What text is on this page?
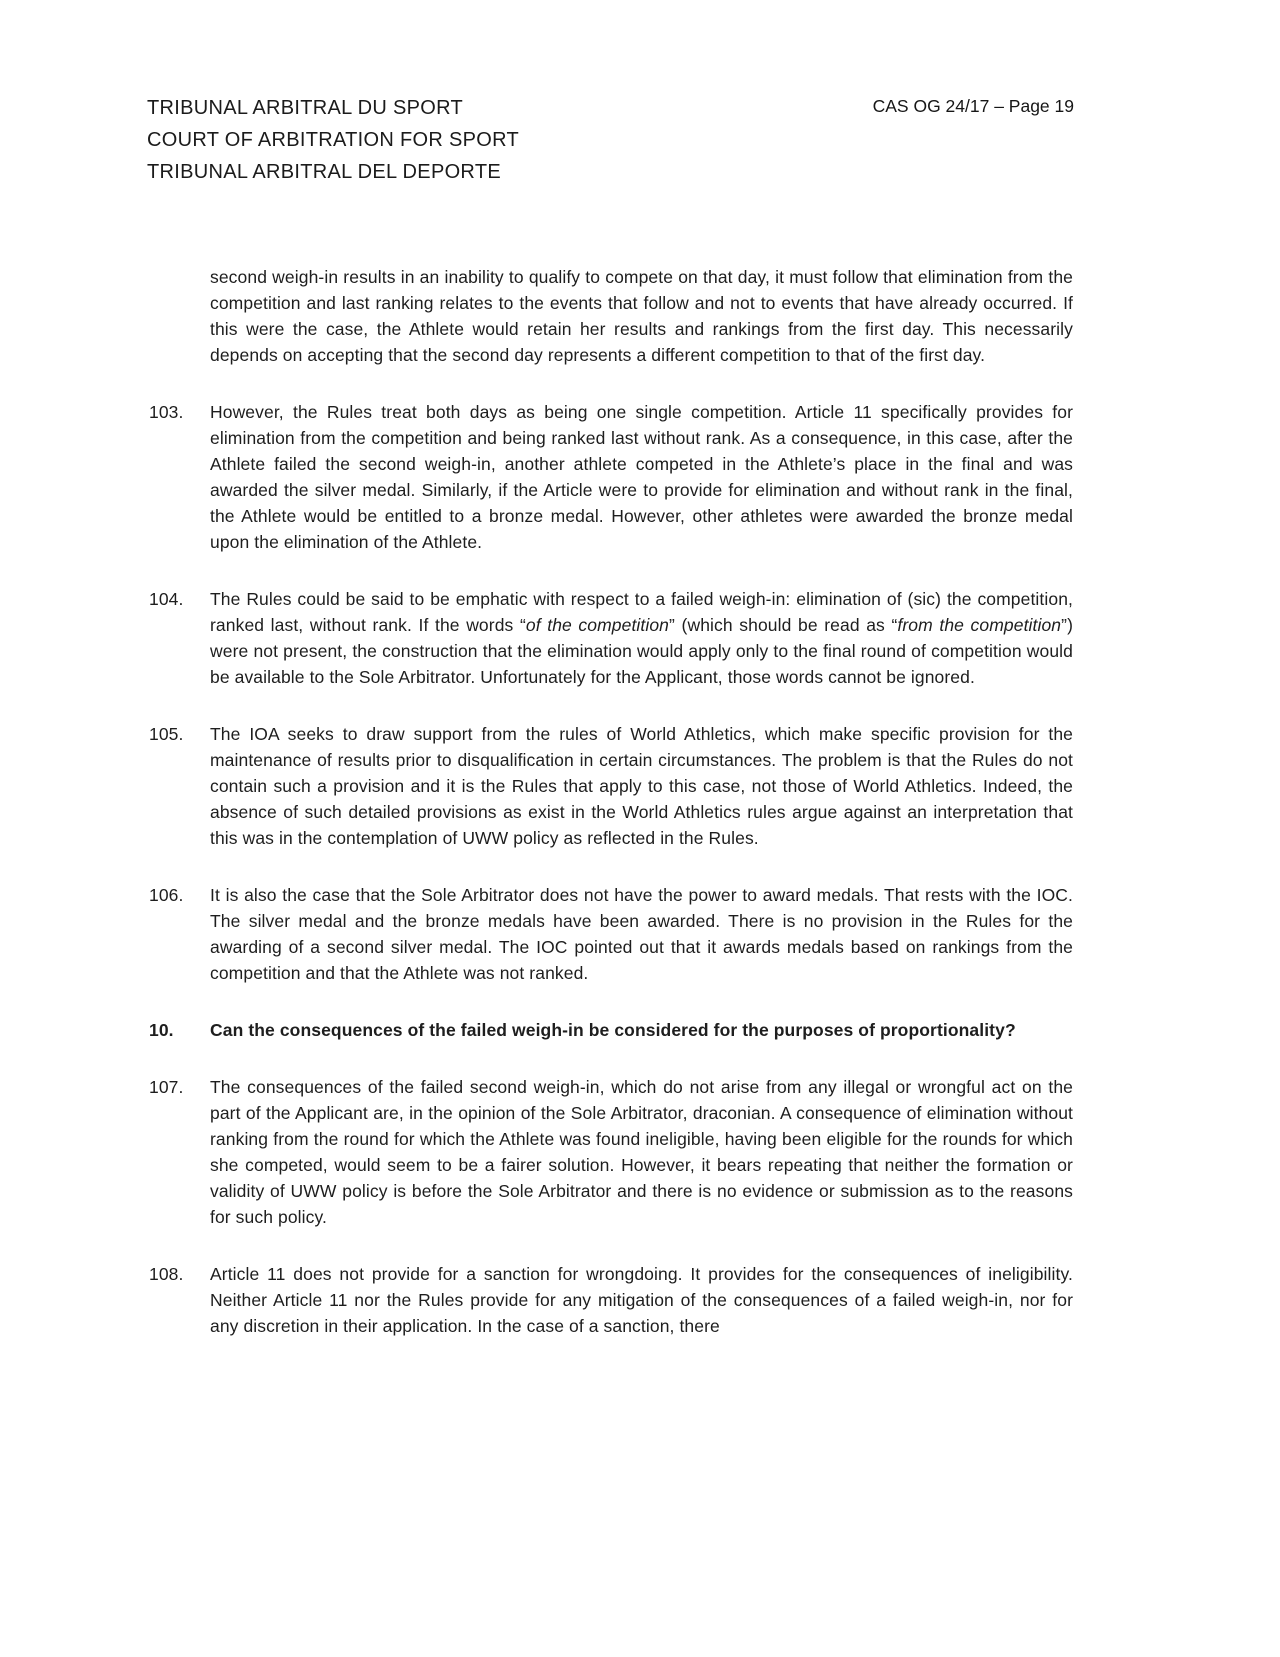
TRIBUNAL ARBITRAL DU SPORT
COURT OF ARBITRATION FOR SPORT
TRIBUNAL ARBITRAL DEL DEPORTE
CAS OG 24/17 – Page 19

second weigh-in results in an inability to qualify to compete on that day, it must follow that elimination from the competition and last ranking relates to the events that follow and not to events that have already occurred. If this were the case, the Athlete would retain her results and rankings from the first day. This necessarily depends on accepting that the second day represents a different competition to that of the first day.

103.	However, the Rules treat both days as being one single competition. Article 11 specifically provides for elimination from the competition and being ranked last without rank. As a consequence, in this case, after the Athlete failed the second weigh-in, another athlete competed in the Athlete’s place in the final and was awarded the silver medal. Similarly, if the Article were to provide for elimination and without rank in the final, the Athlete would be entitled to a bronze medal. However, other athletes were awarded the bronze medal upon the elimination of the Athlete.

104.	The Rules could be said to be emphatic with respect to a failed weigh-in: elimination of (sic) the competition, ranked last, without rank. If the words “of the competition” (which should be read as “from the competition”) were not present, the construction that the elimination would apply only to the final round of competition would be available to the Sole Arbitrator. Unfortunately for the Applicant, those words cannot be ignored.

105.	The IOA seeks to draw support from the rules of World Athletics, which make specific provision for the maintenance of results prior to disqualification in certain circumstances. The problem is that the Rules do not contain such a provision and it is the Rules that apply to this case, not those of World Athletics. Indeed, the absence of such detailed provisions as exist in the World Athletics rules argue against an interpretation that this was in the contemplation of UWW policy as reflected in the Rules.

106.	It is also the case that the Sole Arbitrator does not have the power to award medals. That rests with the IOC. The silver medal and the bronze medals have been awarded. There is no provision in the Rules for the awarding of a second silver medal. The IOC pointed out that it awards medals based on rankings from the competition and that the Athlete was not ranked.

10.	Can the consequences of the failed weigh-in be considered for the purposes of proportionality?

107.	The consequences of the failed second weigh-in, which do not arise from any illegal or wrongful act on the part of the Applicant are, in the opinion of the Sole Arbitrator, draconian. A consequence of elimination without ranking from the round for which the Athlete was found ineligible, having been eligible for the rounds for which she competed, would seem to be a fairer solution. However, it bears repeating that neither the formation or validity of UWW policy is before the Sole Arbitrator and there is no evidence or submission as to the reasons for such policy.

108.	Article 11 does not provide for a sanction for wrongdoing. It provides for the consequences of ineligibility. Neither Article 11 nor the Rules provide for any mitigation of the consequences of a failed weigh-in, nor for any discretion in their application. In the case of a sanction, there
